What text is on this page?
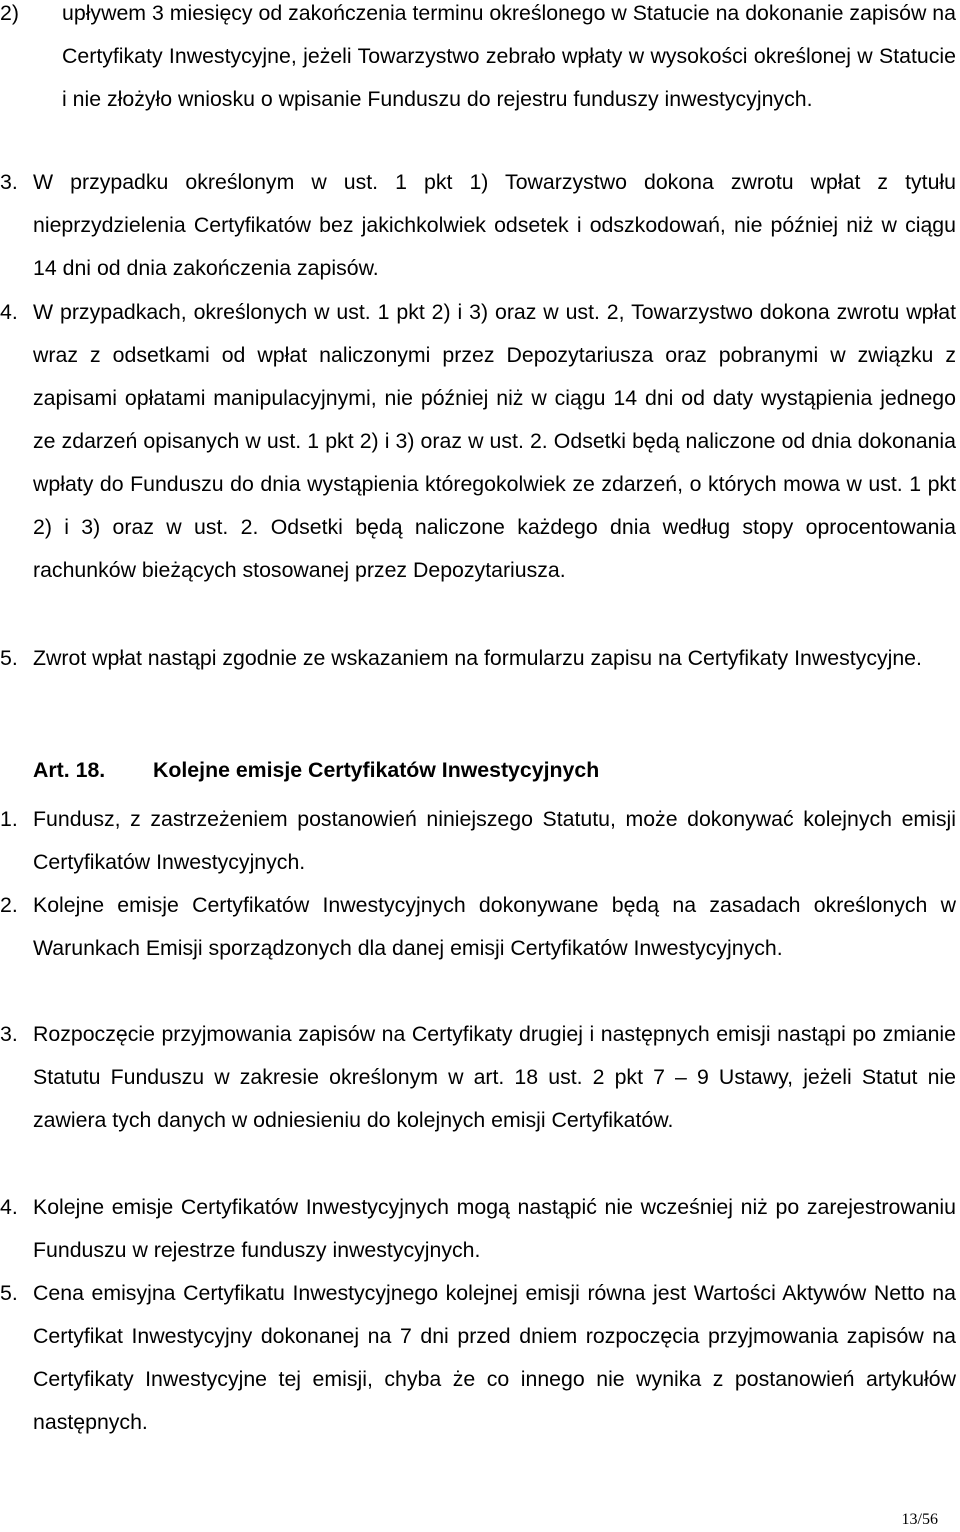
2)	upływem 3 miesięcy od zakończenia terminu określonego w Statucie na dokonanie zapisów na Certyfikaty Inwestycyjne, jeżeli Towarzystwo zebrało wpłaty w wysokości określonej w Statucie i nie złożyło wniosku o wpisanie Funduszu do rejestru funduszy inwestycyjnych.
3. W przypadku określonym w ust. 1 pkt 1) Towarzystwo dokona zwrotu wpłat z tytułu nieprzydzielenia Certyfikatów bez jakichkolwiek odsetek i odszkodowań, nie później niż w ciągu 14 dni od dnia zakończenia zapisów.
4. W przypadkach, określonych w ust. 1 pkt 2) i 3) oraz w ust. 2, Towarzystwo dokona zwrotu wpłat wraz z odsetkami od wpłat naliczonymi przez Depozytariusza oraz pobranymi w związku z zapisami opłatami manipulacyjnymi, nie później niż w ciągu 14 dni od daty wystąpienia jednego ze zdarzeń opisanych w ust. 1 pkt 2) i 3) oraz w ust. 2. Odsetki będą naliczone od dnia dokonania wpłaty do Funduszu do dnia wystąpienia któregokolwiek ze zdarzeń, o których mowa w ust. 1 pkt 2) i 3) oraz w ust. 2. Odsetki będą naliczone każdego dnia według stopy oprocentowania rachunków bieżących stosowanej przez Depozytariusza.
5. Zwrot wpłat nastąpi zgodnie ze wskazaniem na formularzu zapisu na Certyfikaty Inwestycyjne.
Art. 18.	Kolejne emisje Certyfikatów Inwestycyjnych
1. Fundusz, z zastrzeżeniem postanowień niniejszego Statutu, może dokonywać kolejnych emisji Certyfikatów Inwestycyjnych.
2. Kolejne emisje Certyfikatów Inwestycyjnych dokonywane będą na zasadach określonych w Warunkach Emisji sporządzonych dla danej emisji Certyfikatów Inwestycyjnych.
3. Rozpoczęcie przyjmowania zapisów na Certyfikaty drugiej i następnych emisji nastąpi po zmianie Statutu Funduszu w zakresie określonym w art. 18 ust. 2 pkt 7 – 9 Ustawy, jeżeli Statut nie zawiera tych danych w odniesieniu do kolejnych emisji Certyfikatów.
4. Kolejne emisje Certyfikatów Inwestycyjnych mogą nastąpić nie wcześniej niż po zarejestrowaniu Funduszu w rejestrze funduszy inwestycyjnych.
5. Cena emisyjna Certyfikatu Inwestycyjnego kolejnej emisji równa jest Wartości Aktywów Netto na Certyfikat Inwestycyjny dokonanej na 7 dni przed dniem rozpoczęcia przyjmowania zapisów na Certyfikaty Inwestycyjne tej emisji, chyba że co innego nie wynika z postanowień artykułów następnych.
13/56
